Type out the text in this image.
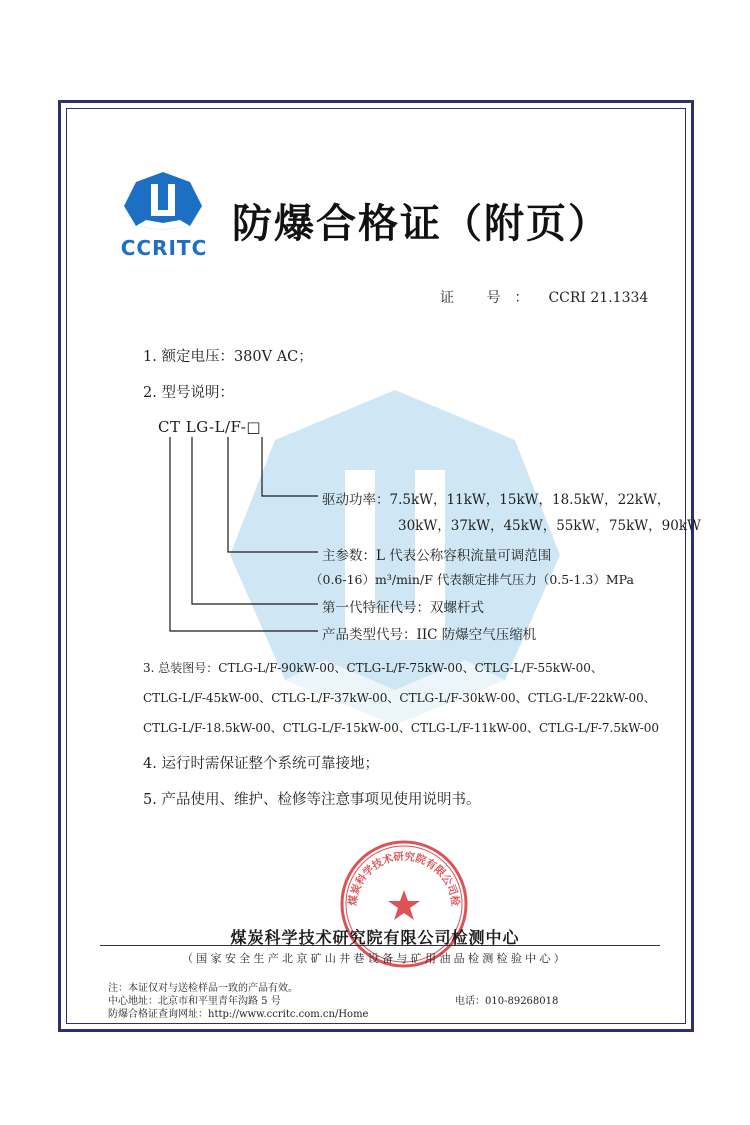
CCRITC
防爆合格证（附页）
证 号： CCRI 21.1334
1. 额定电压：380V AC；
2. 型号说明：
CT LG-L/F-□
驱动功率：7.5kW，11kW，15kW，18.5kW，22kW，
30kW，37kW，45kW，55kW，75kW，90kW
主参数：L 代表公称容积流量可调范围
（0.6-16）m³/min/F 代表额定排气压力（0.5-1.3）MPa
第一代特征代号：双螺杆式
产品类型代号：IIC 防爆空气压缩机
3. 总装图号：CTLG-L/F-90kW-00、CTLG-L/F-75kW-00、CTLG-L/F-55kW-00、
CTLG-L/F-45kW-00、CTLG-L/F-37kW-00、CTLG-L/F-30kW-00、CTLG-L/F-22kW-00、
CTLG-L/F-18.5kW-00、CTLG-L/F-15kW-00、CTLG-L/F-11kW-00、CTLG-L/F-7.5kW-00
4. 运行时需保证整个系统可靠接地；
5. 产品使用、维护、检修等注意事项见使用说明书。
煤炭科学技术研究院有限公司检
煤炭科学技术研究院有限公司检测中心
（国家安全生产北京矿山井巷设备与矿用油品检测检验中心）
注：本证仅对与送检样品一致的产品有效。
中心地址：北京市和平里青年沟路 5 号	电话：010-89268018
防爆合格证查询网址：http://www.ccritc.com.cn/Home
